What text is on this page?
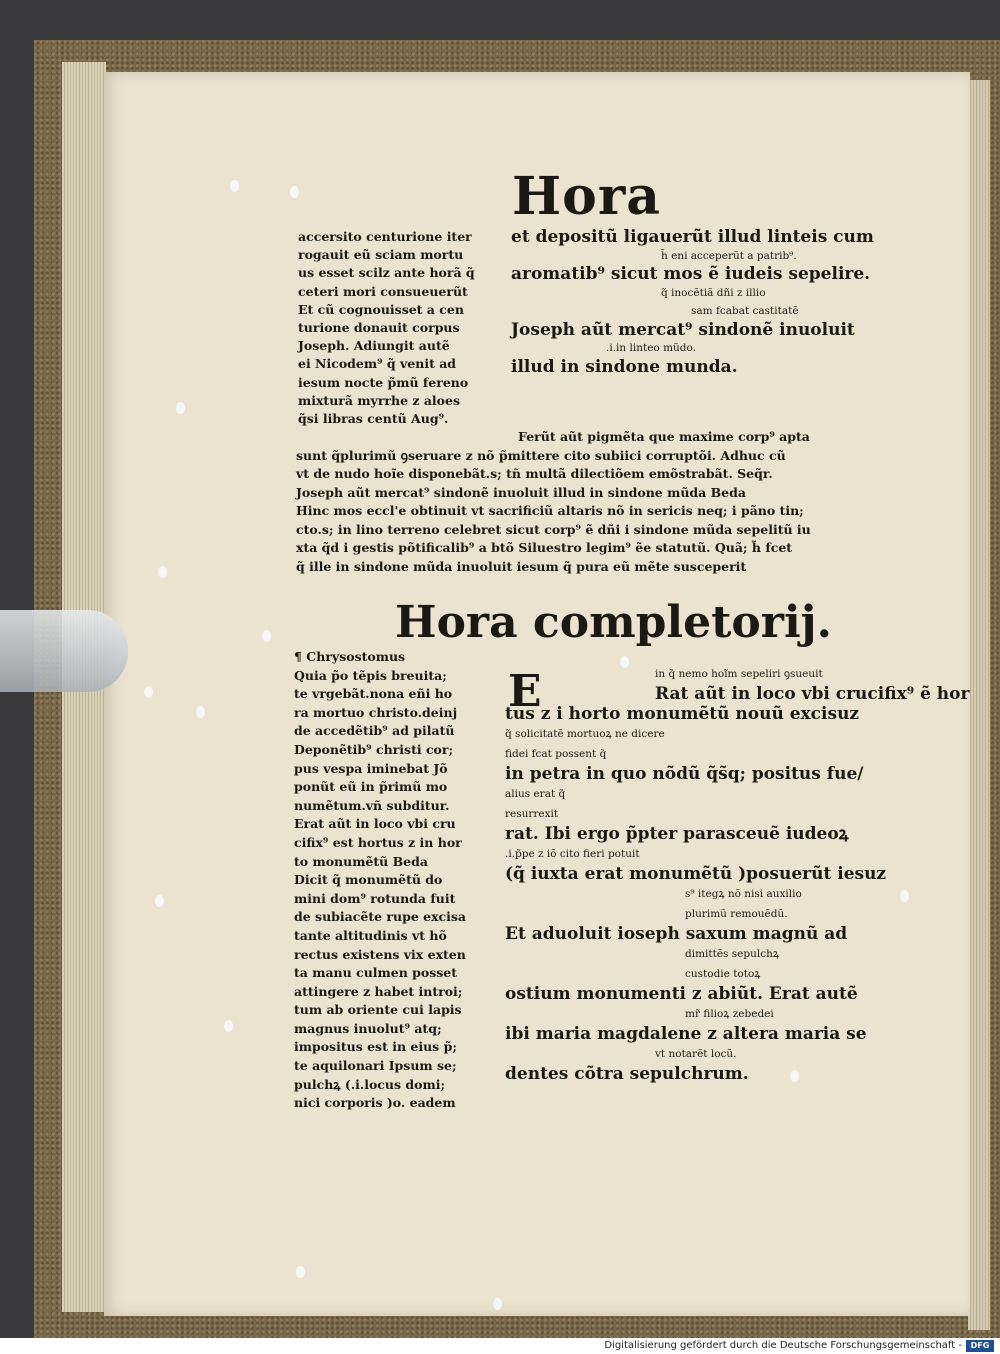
Hora
accersito centurione iter
rogauit eũ sciam mortu
us esset scilz ante horã q̃
ceteri mori consueuerũt
Et cũ cognouisset a cen
turione donauit corpus
Joseph. Adiungit autẽ
ei Nicodem⁹ q̃ venit ad
iesum nocte p̃mũ fereno
mixturã myrrhe z aloes
q̃si libras centũ Aug⁹.
et depositũ ligauerũt illud linteis cum
h̃ eni acceperũt a patrib⁹.
aromatib⁹ sicut mos ẽ iudeis sepelire.
q̃ inocẽtiã dñi z illio
sam fcabat castitatẽ
Joseph aũt mercat⁹ sindonẽ inuoluit
.i.in linteo mũdo.
illud in sindone munda.
Ferũt aũt pigmẽta que maxime corp⁹ apta
sunt q̃plurimũ ꝯseruare z nõ p̃mittere cito subiici corruptõi. Adhuc cũ
vt de nudo hoĩe disponebãt.s; tñ multã dilectiõem emõstrabãt. Seq̃r.
Joseph aũt mercat⁹ sindonẽ inuoluit illud in sindone mũda Beda
Hinc mos eccl'e obtinuit vt sacrificiũ altaris nõ in sericis neq; i pãno tin;
cto.s; in lino terreno celebret sicut corp⁹ ẽ dñi i sindone mũda sepelitũ iu
xta q̃d i gestis põtificalib⁹ a btõ Siluestro legim⁹ ẽe statutũ. Quã; h̃ fcet
q̃ ille in sindone mũda inuoluit iesum q̃ pura eũ mẽte susceperit
Hora completorij.
¶ Chrysostomus
Quia p̃o tẽpis breuita;
te vrgebãt.nona eñi ho
ra mortuo christo.deinj
de accedẽtib⁹ ad pilatũ
Deponẽtib⁹ christi cor;
pus vespa iminebat Jõ
ponũt eũ in p̃rimũ mo
numẽtum.vñ subditur.
Erat aũt in loco vbi cru
cifix⁹ est hortus z in hor
to monumẽtũ Beda
Dicit q̃ monumẽtũ do
mini dom⁹ rotunda fuit
de subiacẽte rupe excisa
tante altitudinis vt hõ
rectus existens vix exten
ta manu culmen posset
attingere z habet introi;
tum ab oriente cui lapis
magnus inuolut⁹ atq;
impositus est in eius p̃;
te aquilonari Ipsum se;
pulchꝝ (.i.locus domi;
nici corporis )o. eadem
E	in q̃ nemo hoĩm sepeliri ꝯsueuit
Rat aũt in loco vbi crucifix⁹ ẽ hor
tus z i horto monumẽtũ nouũ excisuz
q̃ solicitatẽ mortuoꝝ ne dicere
fidei fcat possent q̃
in petra in quo nõdũ q̃s̃q; positus fue/
alius erat q̃
resurrexit
rat. Ibi ergo p̃pter parasceuẽ iudeoꝝ
.i.p̃pe z iõ cito fieri potuit
(q̃ iuxta erat monumẽtũ )posuerũt iesuz
s⁹ itegꝝ nõ nisi auxilio
plurimũ remouẽdũ.
Et aduoluit ioseph saxum magnũ ad
dimittẽs sepulchꝝ
custodie totoꝝ
ostium monumenti z abiũt. Erat autẽ
mr̃ filioꝝ zebedei
ibi maria magdalene z altera maria se
vt notarẽt locũ.
dentes cõtra sepulchrum.
Digitalisierung gefördert durch die Deutsche Forschungsgemeinschaft -	DFG
